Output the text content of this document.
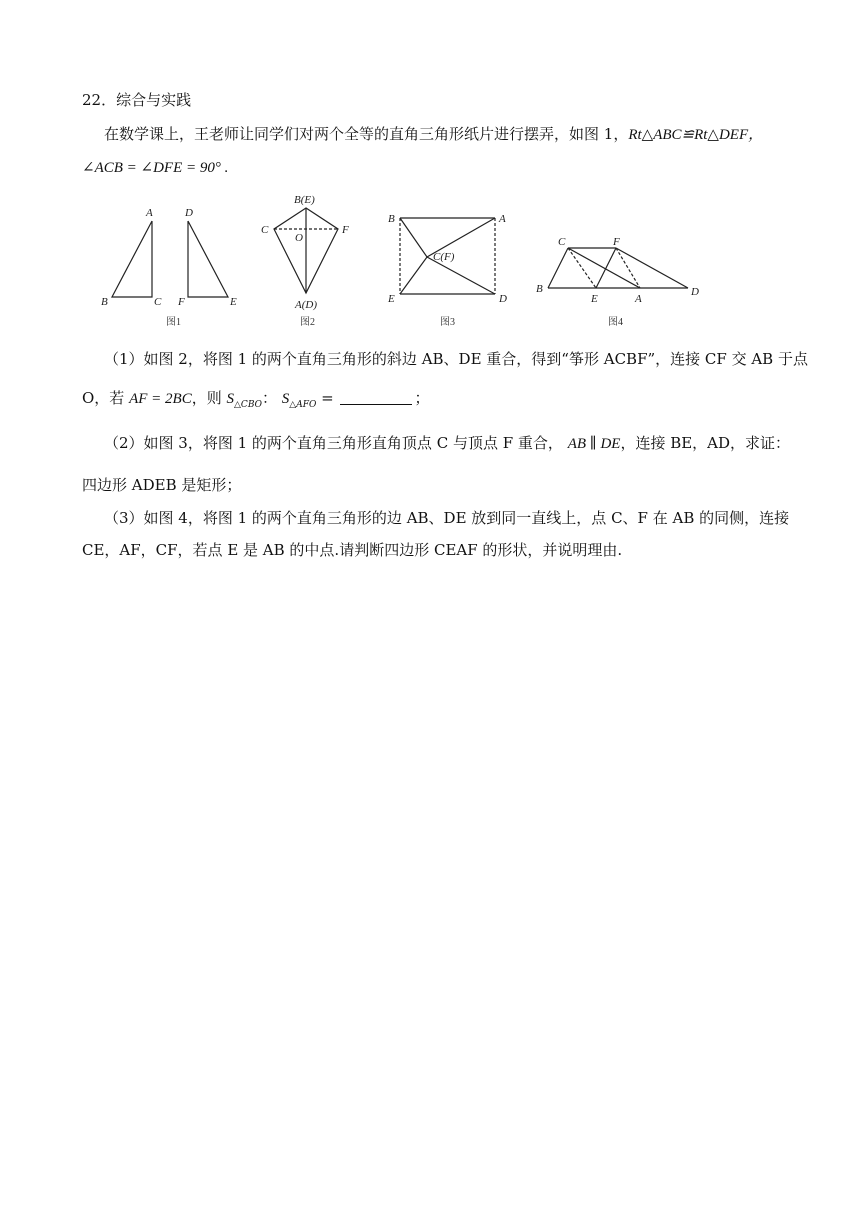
22．综合与实践
在数学课上，王老师让同学们对两个全等的直角三角形纸片进行摆弄，如图 1，Rt△ABC≌Rt△DEF，
∠ACB = ∠DFE = 90° .
A
B	C
D
F	E
图1
B(E)
C	F
O
A(D)
图2
B	A
C(F)
E	D
图3
C	F
B
E	A
D
图4
（1）如图 2，将图 1 的两个直角三角形的斜边 AB、DE 重合，得到“筝形 ACBF”，连接 CF 交 AB 于点
O，若 AF = 2BC，则 $S_{\triangle CBO}$： $S_{\triangle AFO}$ =	；
（2）如图 3，将图 1 的两个直角三角形直角顶点 C 与顶点 F 重合， AB ∥ DE，连接 BE，AD，求证：
四边形 ADEB 是矩形；
（3）如图 4，将图 1 的两个直角三角形的边 AB、DE 放到同一直线上，点 C、F 在 AB 的同侧，连接
CE，AF，CF，若点 E 是 AB 的中点.请判断四边形 CEAF 的形状，并说明理由.
